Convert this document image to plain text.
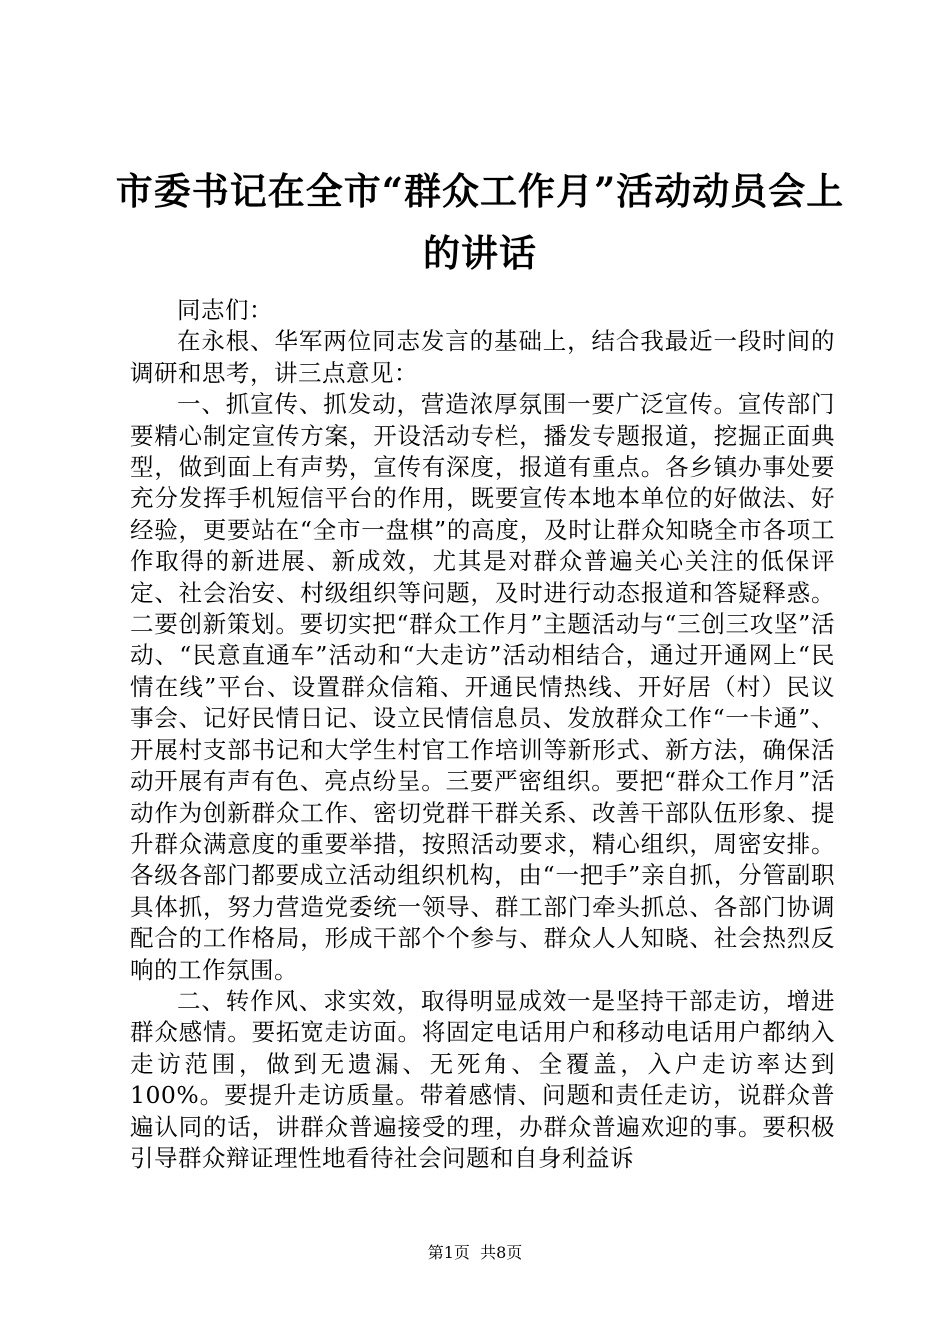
市委书记在全市“群众工作月”活动动员会上的讲话

同志们：

在永根、华军两位同志发言的基础上，结合我最近一段时间的调研和思考，讲三点意见：

一、抓宣传、抓发动，营造浓厚氛围一要广泛宣传。宣传部门要精心制定宣传方案，开设活动专栏，播发专题报道，挖掘正面典型，做到面上有声势，宣传有深度，报道有重点。各乡镇办事处要充分发挥手机短信平台的作用，既要宣传本地本单位的好做法、好经验，更要站在“全市一盘棋”的高度，及时让群众知晓全市各项工作取得的新进展、新成效，尤其是对群众普遍关心关注的低保评定、社会治安、村级组织等问题，及时进行动态报道和答疑释惑。二要创新策划。要切实把“群众工作月”主题活动与“三创三攻坚”活动、“民意直通车”活动和“大走访”活动相结合，通过开通网上“民情在线”平台、设置群众信箱、开通民情热线、开好居（村）民议事会、记好民情日记、设立民情信息员、发放群众工作“一卡通”、开展村支部书记和大学生村官工作培训等新形式、新方法，确保活动开展有声有色、亮点纷呈。三要严密组织。要把“群众工作月”活动作为创新群众工作、密切党群干群关系、改善干部队伍形象、提升群众满意度的重要举措，按照活动要求，精心组织，周密安排。各级各部门都要成立活动组织机构，由“一把手”亲自抓，分管副职具体抓，努力营造党委统一领导、群工部门牵头抓总、各部门协调配合的工作格局，形成干部个个参与、群众人人知晓、社会热烈反响的工作氛围。

二、转作风、求实效，取得明显成效一是坚持干部走访，增进群众感情。要拓宽走访面。将固定电话用户和移动电话用户都纳入走访范围，做到无遗漏、无死角、全覆盖，入户走访率达到100%。要提升走访质量。带着感情、问题和责任走访，说群众普遍认同的话，讲群众普遍接受的理，办群众普遍欢迎的事。要积极引导群众辩证理性地看待社会问题和自身利益诉

第1页 共8页
